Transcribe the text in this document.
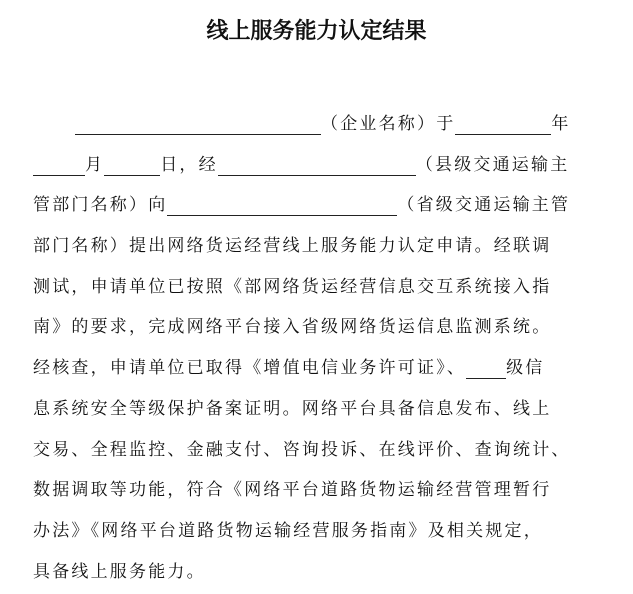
线上服务能力认定结果
（企业名称）于	年
月	日，经	（县级交通运输主
管部门名称）向	（省级交通运输主管
部门名称）提出网络货运经营线上服务能力认定申请。经联调
测试，申请单位已按照《部网络货运经营信息交互系统接入指
南》的要求，完成网络平台接入省级网络货运信息监测系统。
经核查，申请单位已取得《增值电信业务许可证》、 级信
息系统安全等级保护备案证明。网络平台具备信息发布、线上
交易、全程监控、金融支付、咨询投诉、在线评价、查询统计、
数据调取等功能，符合《网络平台道路货物运输经营管理暂行
办法》《网络平台道路货物运输经营服务指南》及相关规定，
具备线上服务能力。
